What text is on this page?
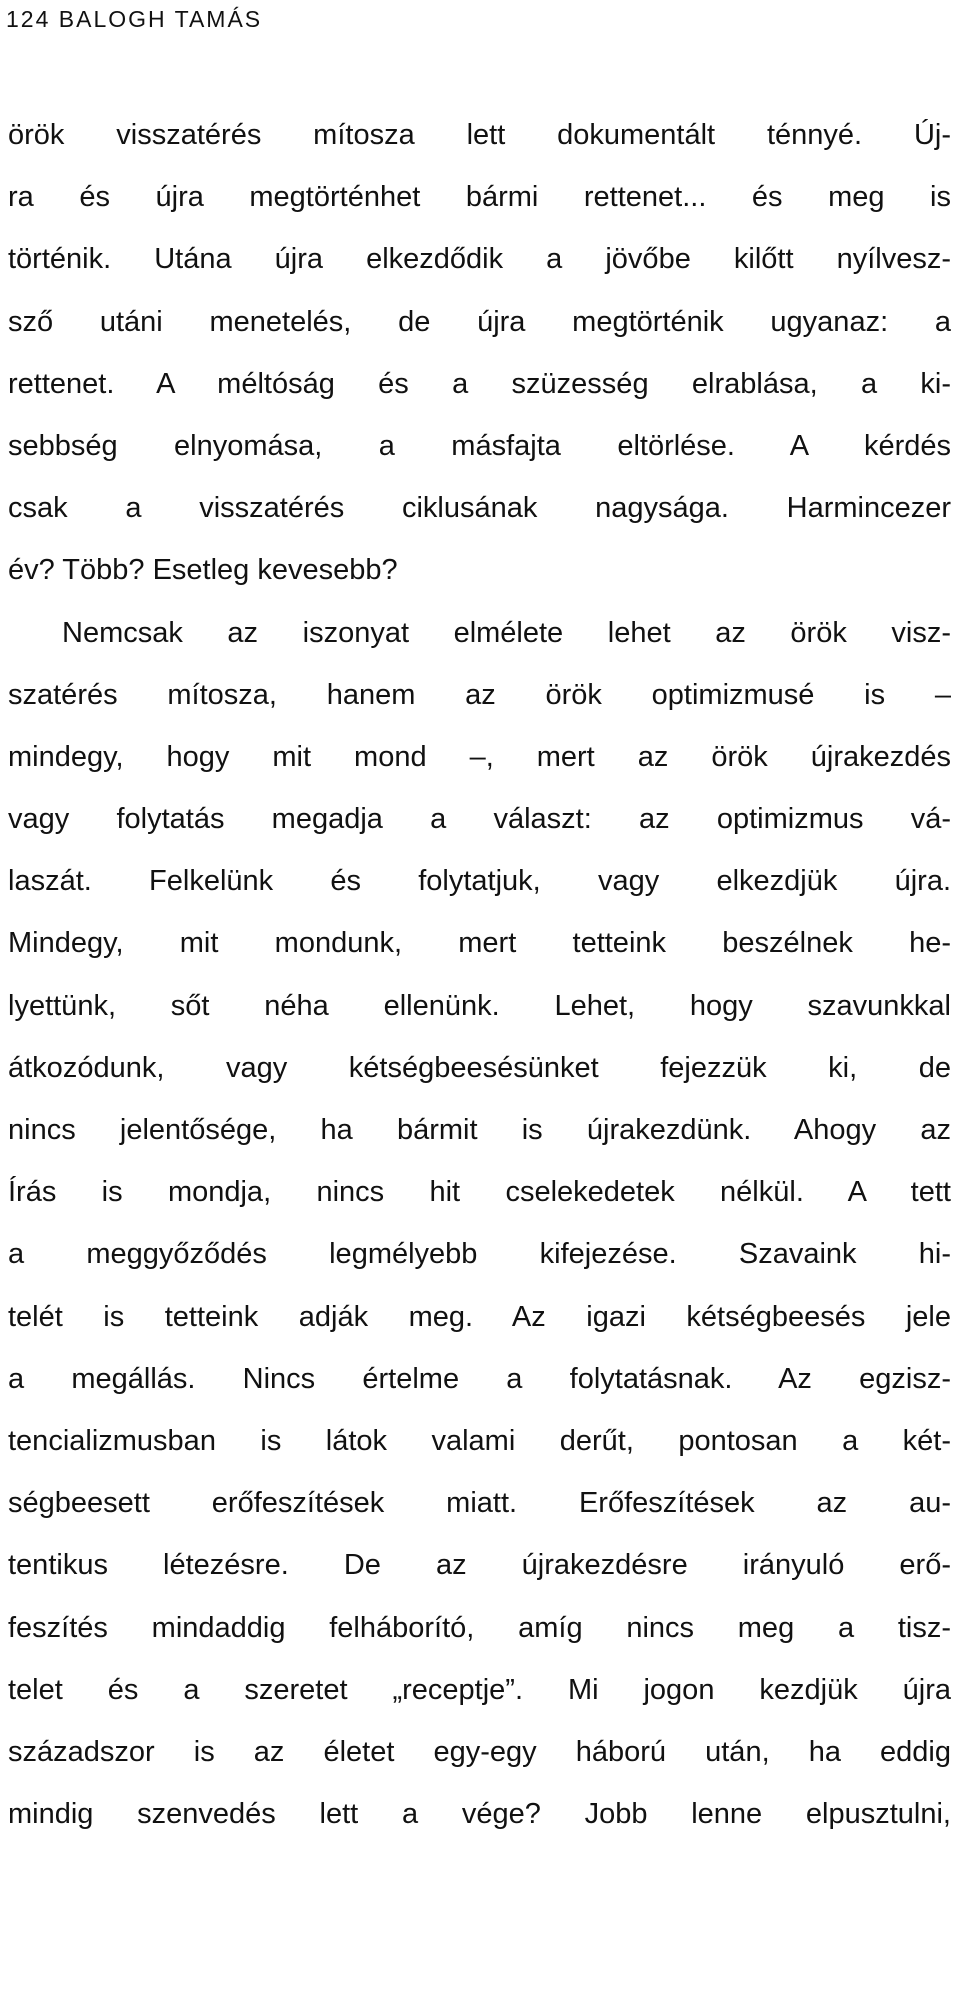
124 BALOGH TAMÁS
örök visszatérés mítosza lett dokumentált ténnyé. Új-
ra és újra megtörténhet bármi rettenet... és meg is
történik. Utána újra elkezdődik a jövőbe kilőtt nyílvesz-
sző utáni menetelés, de újra megtörténik ugyanaz: a
rettenet. A méltóság és a szüzesség elrablása, a ki-
sebbség elnyomása, a másfajta eltörlése. A kérdés
csak a visszatérés ciklusának nagysága. Harmincezer
év? Több? Esetleg kevesebb?
Nemcsak az iszonyat elmélete lehet az örök visz-
szatérés mítosza, hanem az örök optimizmusé is –
mindegy, hogy mit mond –, mert az örök újrakezdés
vagy folytatás megadja a választ: az optimizmus vá-
laszát. Felkelünk és folytatjuk, vagy elkezdjük újra.
Mindegy, mit mondunk, mert tetteink beszélnek he-
lyettünk, sőt néha ellenünk. Lehet, hogy szavunkkal
átkozódunk, vagy kétségbeesésünket fejezzük ki, de
nincs jelentősége, ha bármit is újrakezdünk. Ahogy az
Írás is mondja, nincs hit cselekedetek nélkül. A tett
a meggyőződés legmélyebb kifejezése. Szavaink hi-
telét is tetteink adják meg. Az igazi kétségbeesés jele
a megállás. Nincs értelme a folytatásnak. Az egzisz-
tencializmusban is látok valami derűt, pontosan a két-
ségbeesett erőfeszítések miatt. Erőfeszítések az au-
tentikus létezésre. De az újrakezdésre irányuló erő-
feszítés mindaddig felháborító, amíg nincs meg a tisz-
telet és a szeretet „receptje”. Mi jogon kezdjük újra
századszor is az életet egy-egy háború után, ha eddig
mindig szenvedés lett a vége? Jobb lenne elpusztulni,
